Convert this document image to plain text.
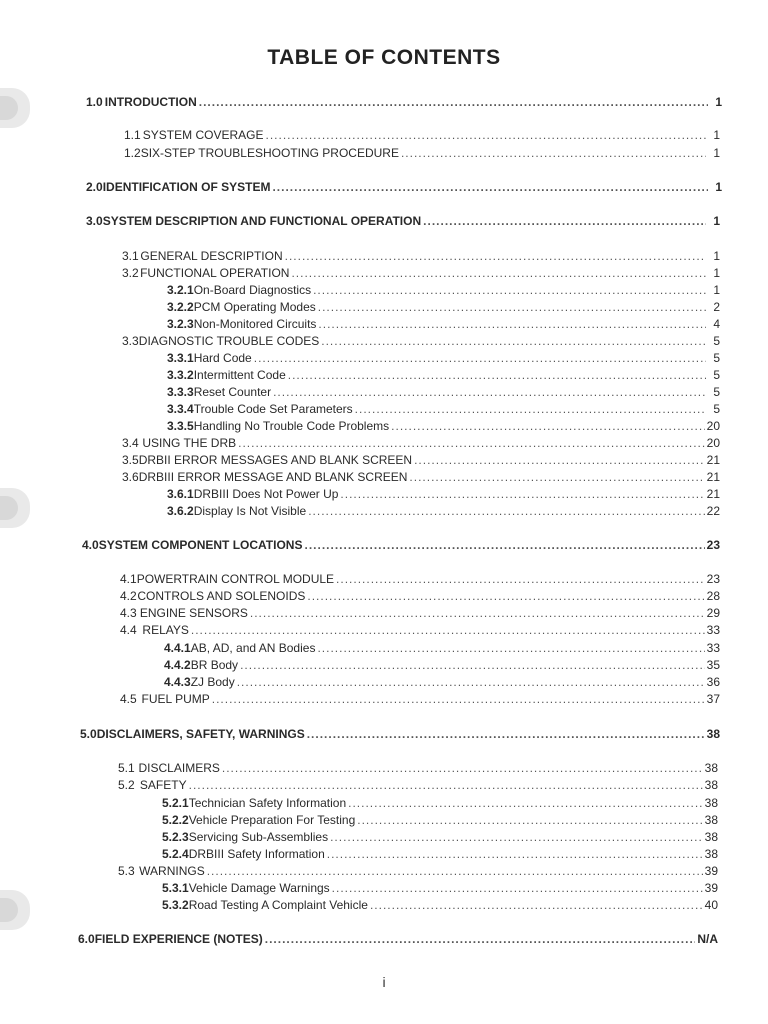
TABLE OF CONTENTS
1.0 INTRODUCTION .....	1
1.1 SYSTEM COVERAGE .....	1
1.2 SIX-STEP TROUBLESHOOTING PROCEDURE .....	1
2.0 IDENTIFICATION OF SYSTEM .....	1
3.0 SYSTEM DESCRIPTION AND FUNCTIONAL OPERATION .....	1
3.1 GENERAL DESCRIPTION .....	1
3.2 FUNCTIONAL OPERATION .....	1
3.2.1 On-Board Diagnostics .....	1
3.2.2 PCM Operating Modes .....	2
3.2.3 Non-Monitored Circuits .....	4
3.3 DIAGNOSTIC TROUBLE CODES .....	5
3.3.1 Hard Code .....	5
3.3.2 Intermittent Code .....	5
3.3.3 Reset Counter .....	5
3.3.4 Trouble Code Set Parameters .....	5
3.3.5 Handling No Trouble Code Problems .....	20
3.4 USING THE DRB .....	20
3.5 DRBII ERROR MESSAGES AND BLANK SCREEN .....	21
3.6 DRBIII ERROR MESSAGE AND BLANK SCREEN .....	21
3.6.1 DRBIII Does Not Power Up .....	21
3.6.2 Display Is Not Visible .....	22
4.0 SYSTEM COMPONENT LOCATIONS .....	23
4.1 POWERTRAIN CONTROL MODULE .....	23
4.2 CONTROLS AND SOLENOIDS .....	28
4.3 ENGINE SENSORS .....	29
4.4 RELAYS .....	33
4.4.1 AB, AD, and AN Bodies .....	33
4.4.2 BR Body .....	35
4.4.3 ZJ Body .....	36
4.5 FUEL PUMP .....	37
5.0 DISCLAIMERS, SAFETY, WARNINGS .....	38
5.1 DISCLAIMERS .....	38
5.2 SAFETY .....	38
5.2.1 Technician Safety Information .....	38
5.2.2 Vehicle Preparation For Testing .....	38
5.2.3 Servicing Sub-Assemblies .....	38
5.2.4 DRBIII Safety Information .....	38
5.3 WARNINGS .....	39
5.3.1 Vehicle Damage Warnings .....	39
5.3.2 Road Testing A Complaint Vehicle .....	40
6.0 FIELD EXPERIENCE (NOTES) .....	N/A
i
